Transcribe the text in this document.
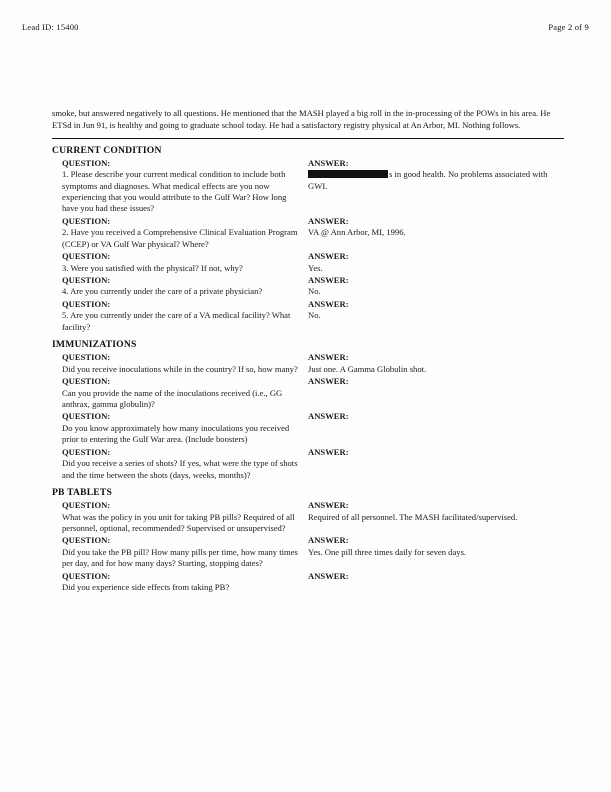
Lead ID: 15400	Page 2 of 9
smoke, but answered negatively to all questions. He mentioned that the MASH played a big roll in the in-processing of the POWs in his area. He ETSd in Jun 91, is healthy and going to graduate school today. He had a satisfactory registry physical at An Arbor, MI. Nothing follows.
CURRENT CONDITION
QUESTION:	ANSWER:
1. Please describe your current medical condition to include both symptoms and diagnoses. What medical effects are you now experiencing that you would attribute to the Gulf War? How long have you had these issues?
s in good health. No problems associated with GWI.
QUESTION:	ANSWER:
2. Have you received a Comprehensive Clinical Evaluation Program (CCEP) or VA Gulf War physical? Where?
VA @ Ann Arbor, MI, 1996.
QUESTION:	ANSWER:
3. Were you satisfied with the physical? If not, why?	Yes.
QUESTION:	ANSWER:
4. Are you currently under the care of a private physician?	No.
QUESTION:	ANSWER:
5. Are you currently under the care of a VA medical facility? What facility?
No.
IMMUNIZATIONS
QUESTION:	ANSWER:
Did you receive inoculations while in the country? If so, how many?	Just one. A Gamma Globulin shot.
QUESTION:	ANSWER:
Can you provide the name of the inoculations received (i.e., GG anthrax, gamma globulin)?
QUESTION:	ANSWER:
Do you know approximately how many inoculations you received prior to entering the Gulf War area. (Include boosters)
QUESTION:	ANSWER:
Did you receive a series of shots? If yes, what were the type of shots and the time between the shots (days, weeks, months)?
PB TABLETS
QUESTION:	ANSWER:
What was the policy in you unit for taking PB pills? Required of all personnel, optional, recommended? Supervised or unsupervised?
Required of all personnel. The MASH facilitated/supervised.
QUESTION:	ANSWER:
Did you take the PB pill? How many pills per time, how many times per day, and for how many days? Starting, stopping dates?
Yes. One pill three times daily for seven days.
QUESTION:	ANSWER:
Did you experience side effects from taking PB?
